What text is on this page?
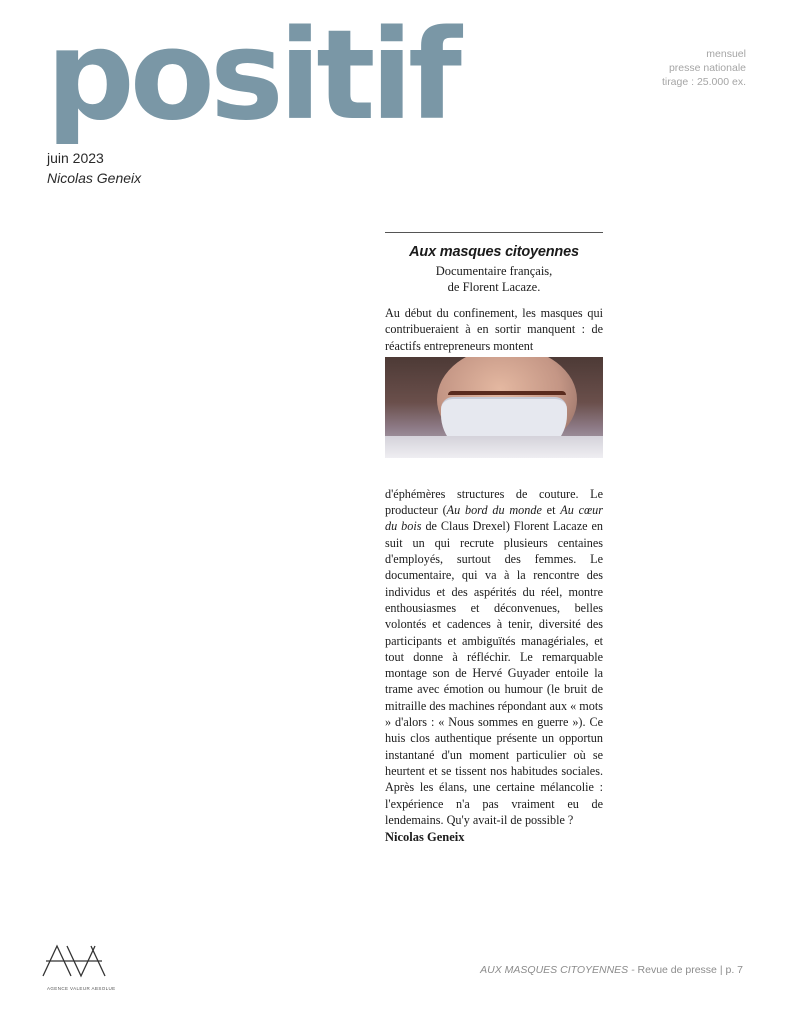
positif
juin 2023
Nicolas Geneix
mensuel
presse nationale
tirage : 25.000 ex.
Aux masques citoyennes
Documentaire français,
de Florent Lacaze.
Au début du confinement, les masques qui contribueraient à en sortir manquent : de réactifs entrepreneurs montent
d'éphémères structures de couture. Le producteur (Au bord du monde et Au cœur du bois de Claus Drexel) Florent Lacaze en suit un qui recrute plusieurs centaines d'employés, surtout des femmes. Le documentaire, qui va à la rencontre des individus et des aspérités du réel, montre enthousiasmes et déconvenues, belles volontés et cadences à tenir, diversité des participants et ambiguïtés managériales, et tout donne à réfléchir. Le remarquable montage son de Hervé Guyader entoile la trame avec émotion ou humour (le bruit de mitraille des machines répondant aux « mots » d'alors : « Nous sommes en guerre »). Ce huis clos authentique présente un opportun instantané d'un moment particulier où se heurtent et se tissent nos habitudes sociales. Après les élans, une certaine mélancolie : l'expérience n'a pas vraiment eu de lendemains. Qu'y avait-il de possible ?
Nicolas Geneix
AGENCE VALEUR ABSOLUE
AUX MASQUES CITOYENNES - Revue de presse | p. 7
